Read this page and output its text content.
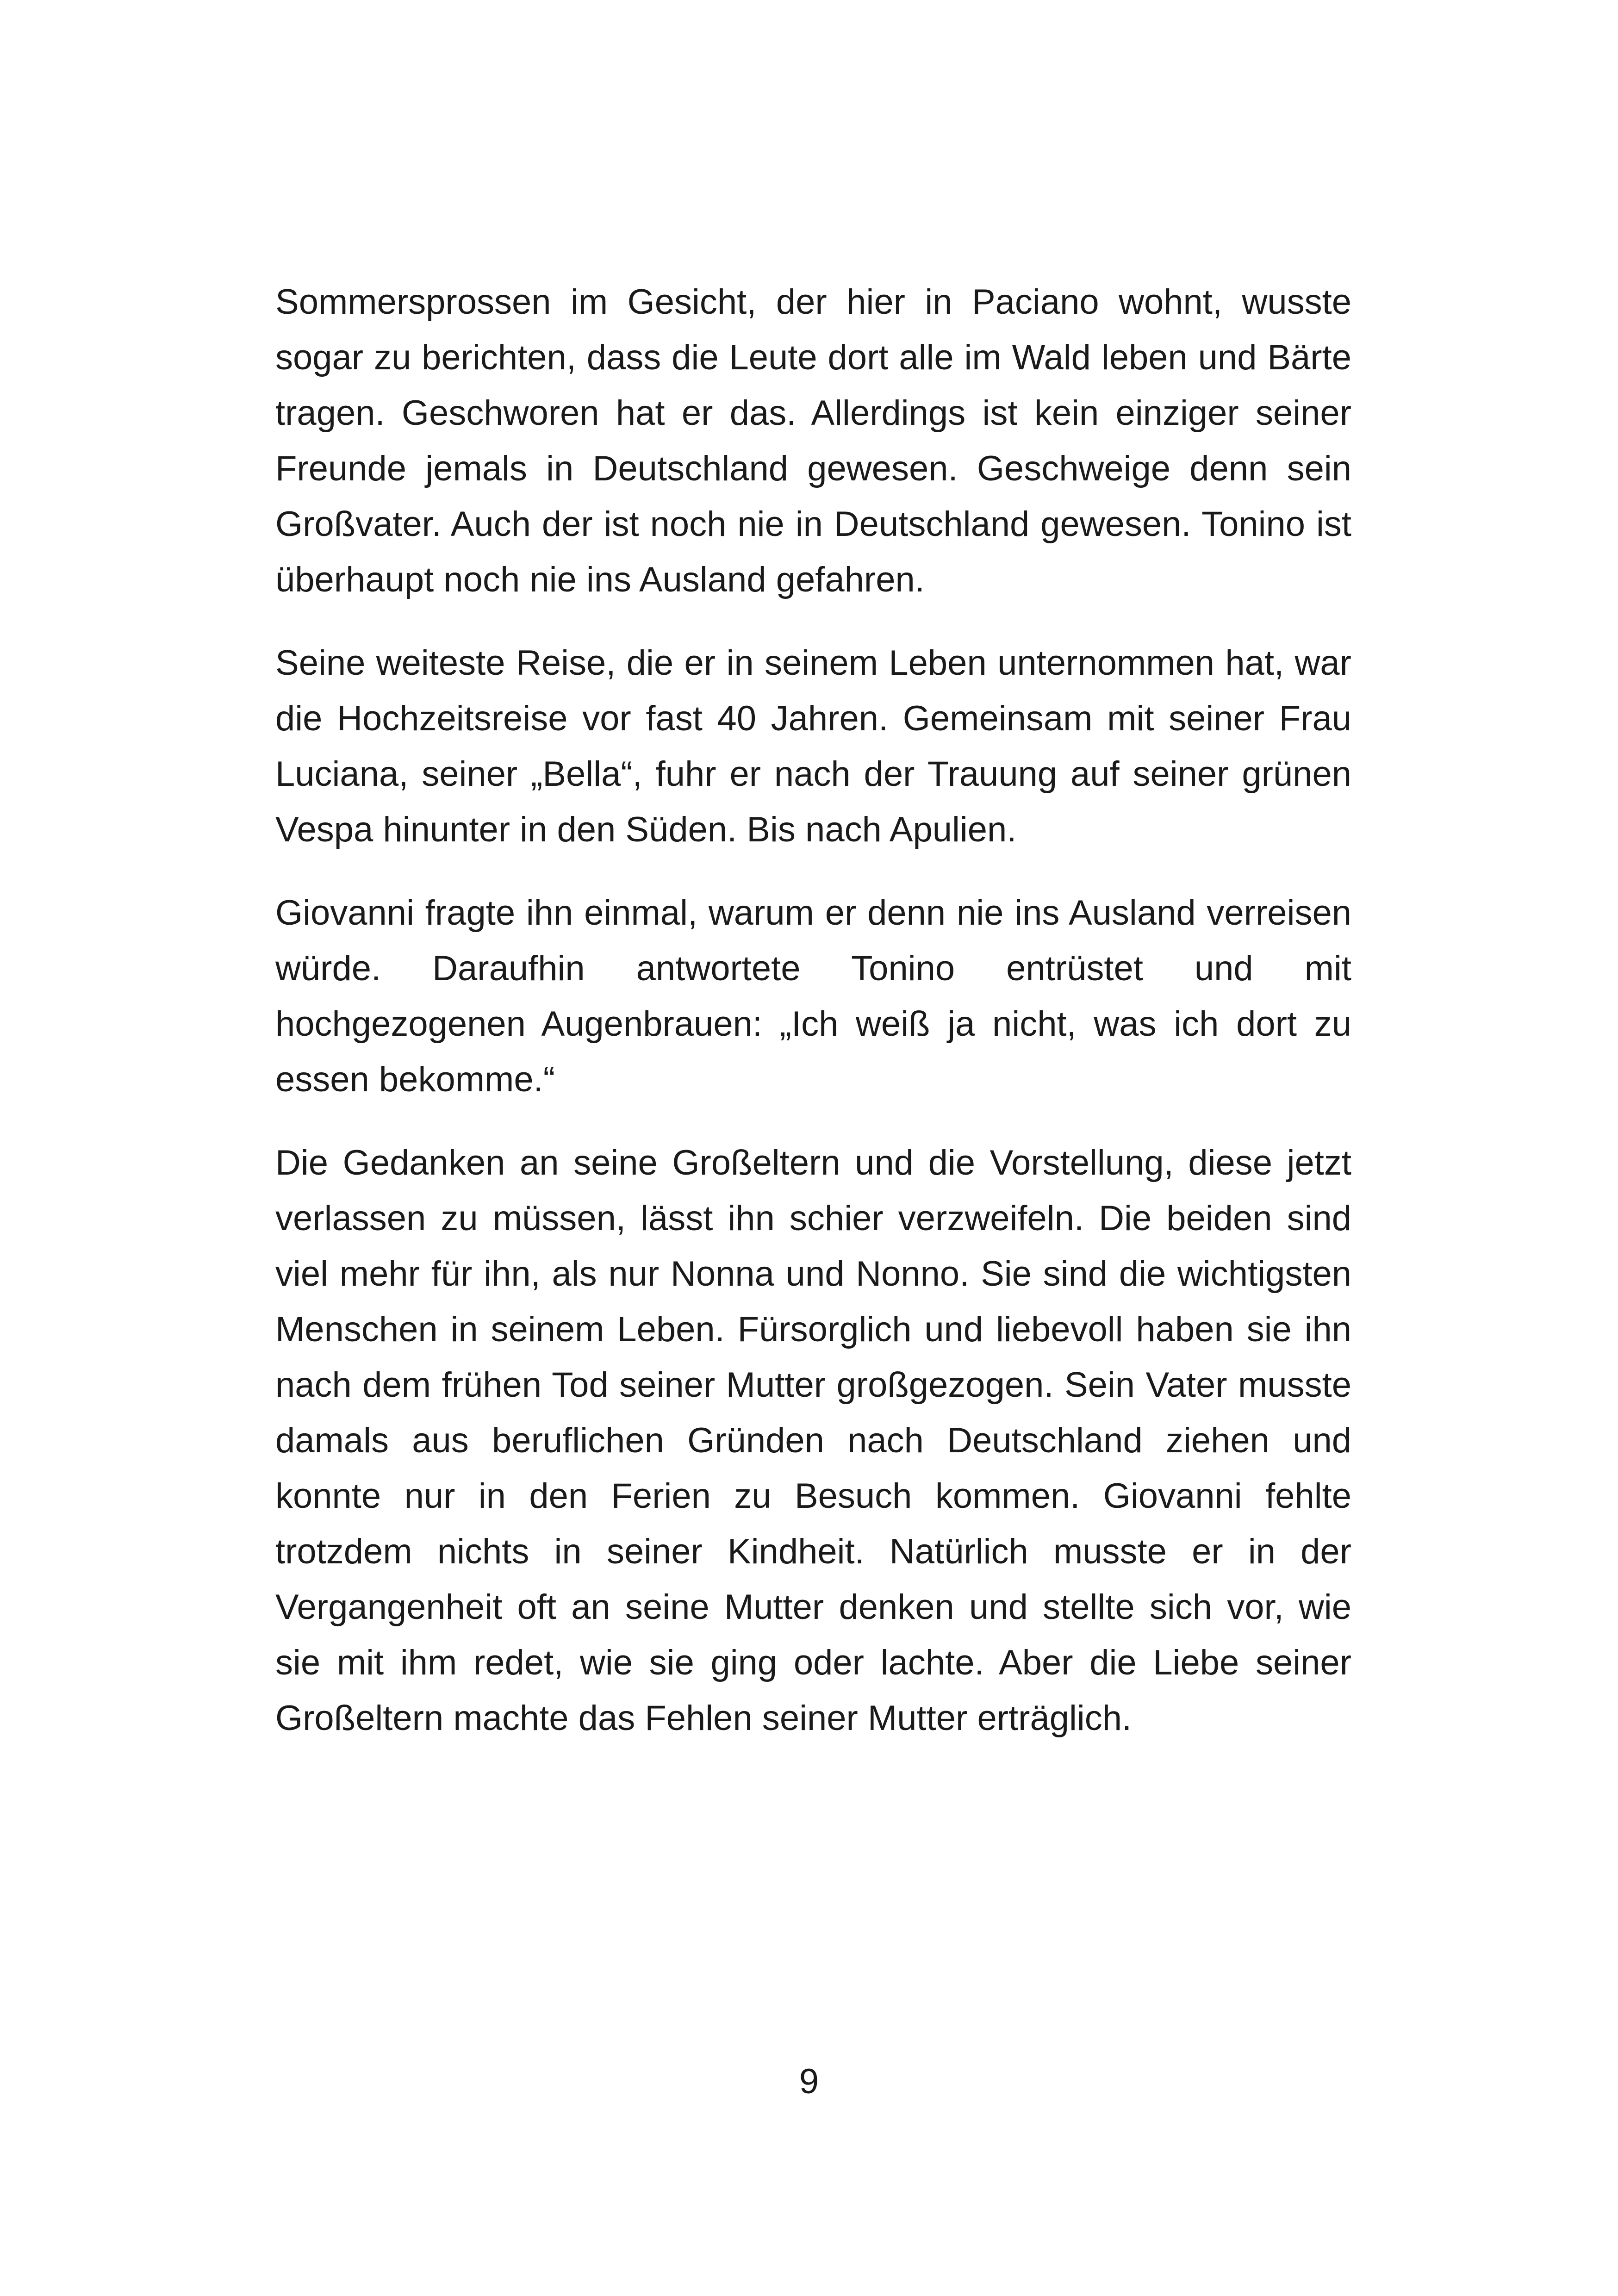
Sommersprossen im Gesicht, der hier in Paciano wohnt, wusste sogar zu berichten, dass die Leute dort alle im Wald leben und Bärte tragen. Geschworen hat er das. Allerdings ist kein einziger seiner Freunde jemals in Deutschland gewesen. Geschweige denn sein Großvater. Auch der ist noch nie in Deutschland gewesen. Tonino ist überhaupt noch nie ins Ausland gefahren.

Seine weiteste Reise, die er in seinem Leben unternommen hat, war die Hochzeitsreise vor fast 40 Jahren. Gemeinsam mit seiner Frau Luciana, seiner „Bella“, fuhr er nach der Trauung auf seiner grünen Vespa hinunter in den Süden. Bis nach Apulien.

Giovanni fragte ihn einmal, warum er denn nie ins Ausland verreisen würde. Daraufhin antwortete Tonino entrüstet und mit hochgezogenen Augenbrauen: „Ich weiß ja nicht, was ich dort zu essen bekomme.“

Die Gedanken an seine Großeltern und die Vorstellung, diese jetzt verlassen zu müssen, lässt ihn schier verzweifeln. Die beiden sind viel mehr für ihn, als nur Nonna und Nonno. Sie sind die wichtigsten Menschen in seinem Leben. Fürsorglich und liebevoll haben sie ihn nach dem frühen Tod seiner Mutter großgezogen. Sein Vater musste damals aus beruflichen Gründen nach Deutschland ziehen und konnte nur in den Ferien zu Besuch kommen. Giovanni fehlte trotzdem nichts in seiner Kindheit. Natürlich musste er in der Vergangenheit oft an seine Mutter denken und stellte sich vor, wie sie mit ihm redet, wie sie ging oder lachte. Aber die Liebe seiner Großeltern machte das Fehlen seiner Mutter erträglich.

9
